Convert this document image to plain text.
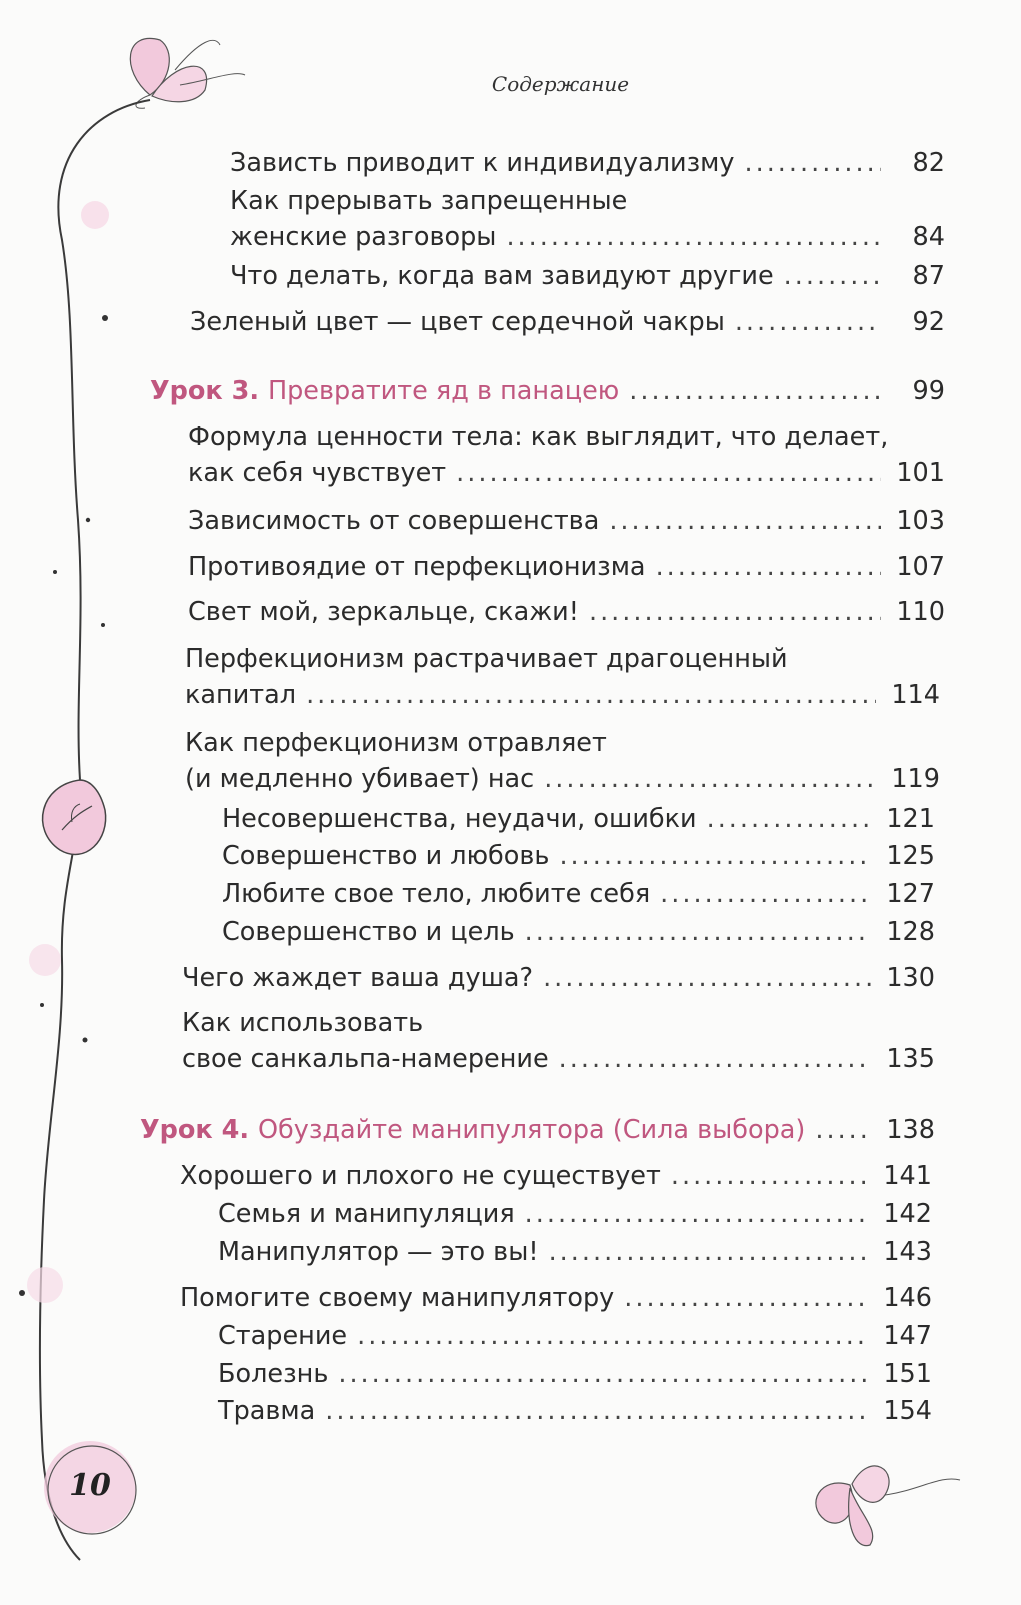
Содержание
Зависть приводит к индивидуализму .....	82
Как прерывать запрещенные
женские разговоры .....	84
Что делать, когда вам завидуют другие .....	87
Зеленый цвет — цвет сердечной чакры .....	92
Урок 3. Превратите яд в панацею .....	99
Формула ценности тела: как выглядит, что делает,
как себя чувствует .....	101
Зависимость от совершенства .....	103
Противоядие от перфекционизма .....	107
Свет мой, зеркальце, скажи! .....	110
Перфекционизм растрачивает драгоценный
капитал .....	114
Как перфекционизм отравляет
(и медленно убивает) нас .....	119
Несовершенства, неудачи, ошибки .....	121
Совершенство и любовь .....	125
Любите свое тело, любите себя .....	127
Совершенство и цель .....	128
Чего жаждет ваша душа? .....	130
Как использовать
свое санкальпа-намерение .....	135
Урок 4. Обуздайте манипулятора (Сила выбора) .....	138
Хорошего и плохого не существует .....	141
Семья и манипуляция .....	142
Манипулятор — это вы! .....	143
Помогите своему манипулятору .....	146
Старение .....	147
Болезнь .....	151
Травма .....	154
10
